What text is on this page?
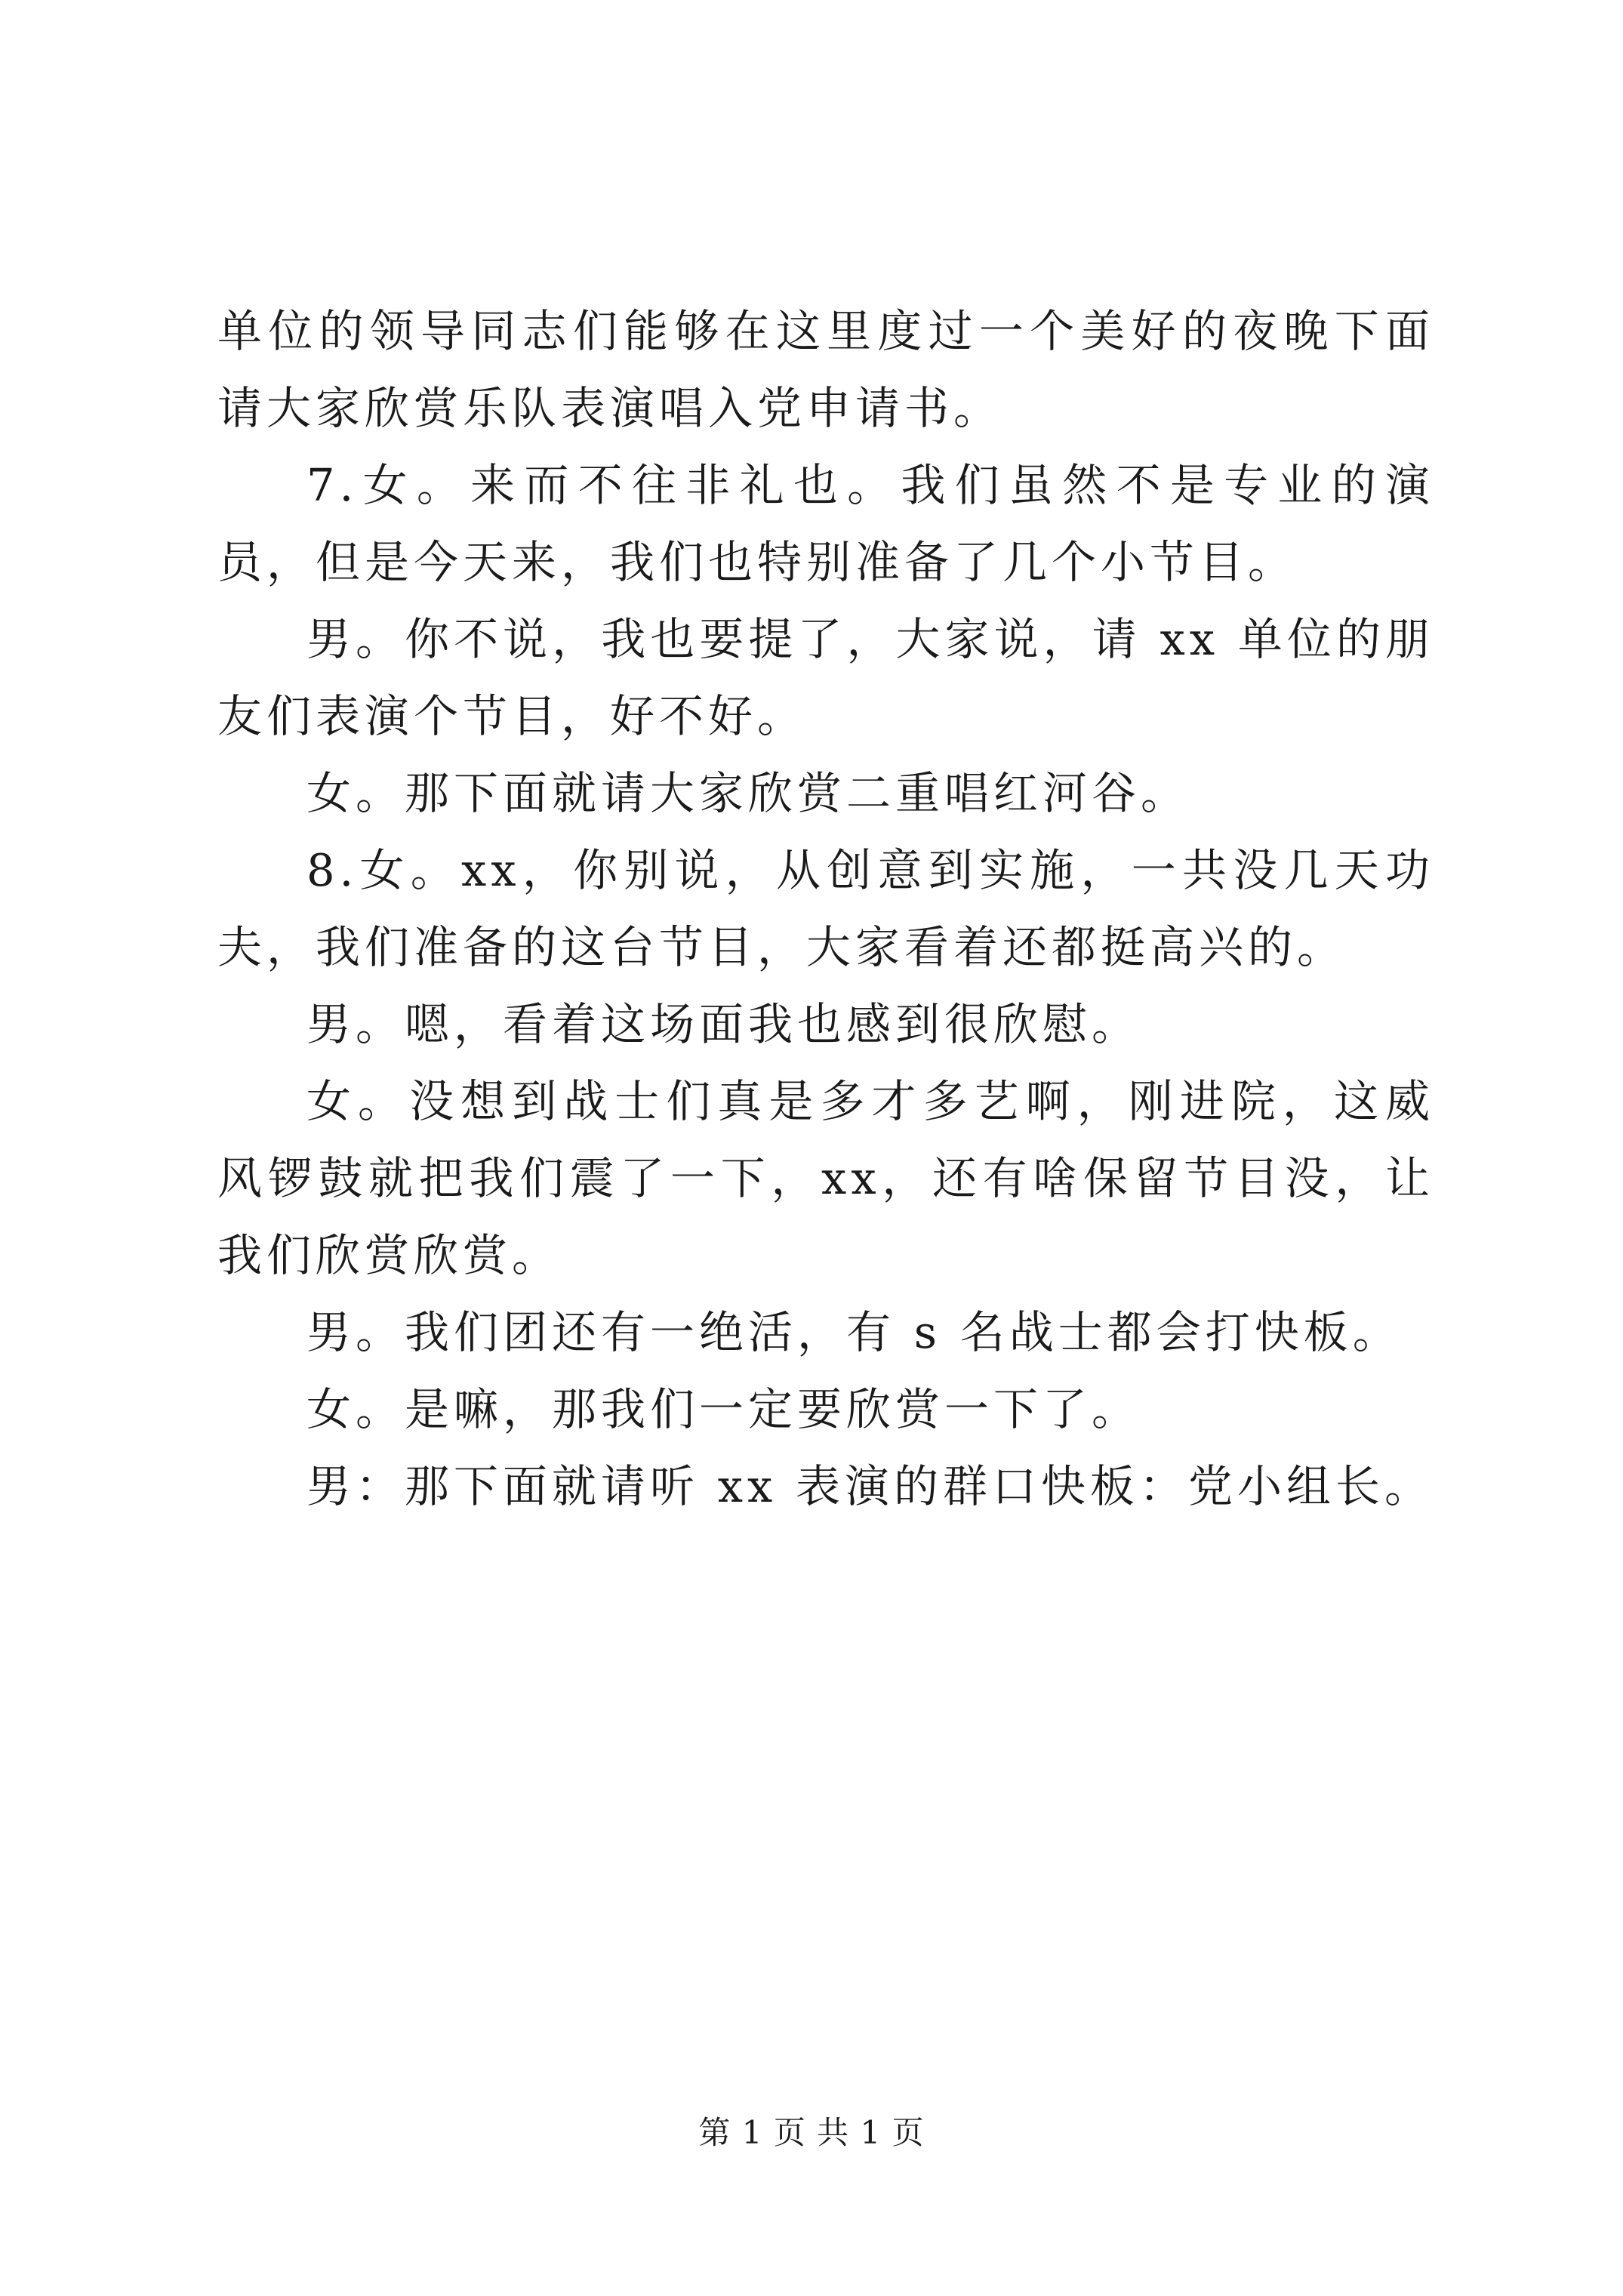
单位的领导同志们能够在这里度过一个美好的夜晚下面请大家欣赏乐队表演唱入党申请书。

7.女。来而不往非礼也。我们虽然不是专业的演员，但是今天来，我们也特别准备了几个小节目。

男。你不说，我也要提了，大家说，请 xx 单位的朋友们表演个节目，好不好。

女。那下面就请大家欣赏二重唱红河谷。

8.女。xx，你别说，从创意到实施，一共没几天功夫，我们准备的这台节目，大家看着还都挺高兴的。

男。嗯，看着这场面我也感到很欣慰。

女。没想到战士们真是多才多艺啊，刚进院，这威风锣鼓就把我们震了一下，xx，还有啥保留节目没，让我们欣赏欣赏。

男。我们团还有一绝活，有 s 名战士都会打快板。

女。是嘛，那我们一定要欣赏一下了。

男：那下面就请听 xx 表演的群口快板：党小组长。

第 1 页 共 1 页
